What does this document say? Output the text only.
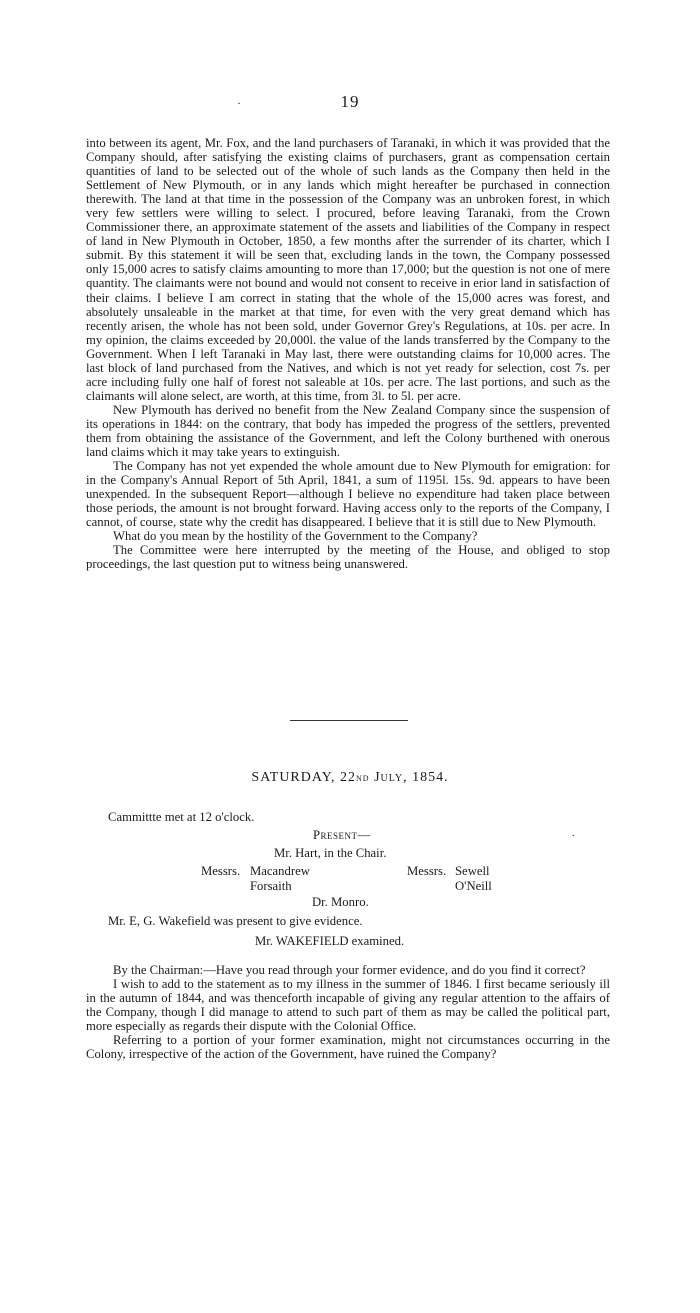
·	19

into between its agent, Mr. Fox, and the land purchasers of Taranaki, in which it was provided that the Company should, after satisfying the existing claims of purchasers, grant as compensation certain quantities of land to be selected out of the whole of such lands as the Company then held in the Settlement of New Plymouth, or in any lands which might hereafter be purchased in connection therewith. The land at that time in the possession of the Company was an unbroken forest, in which very few settlers were willing to select. I procured, before leaving Taranaki, from the Crown Commissioner there, an approximate statement of the assets and liabilities of the Company in respect of land in New Plymouth in October, 1850, a few months after the surrender of its charter, which I submit. By this statement it will be seen that, excluding lands in the town, the Company possessed only 15,000 acres to satisfy claims amounting to more than 17,000; but the question is not one of mere quantity. The claimants were not bound and would not consent to receive in erior land in satisfaction of their claims. I believe I am correct in stating that the whole of the 15,000 acres was forest, and absolutely unsaleable in the market at that time, for even with the very great demand which has recently arisen, the whole has not been sold, under Governor Grey's Regulations, at 10s. per acre. In my opinion, the claims exceeded by 20,000l. the value of the lands transferred by the Company to the Government. When I left Taranaki in May last, there were outstanding claims for 10,000 acres. The last block of land purchased from the Natives, and which is not yet ready for selection, cost 7s. per acre including fully one half of forest not saleable at 10s. per acre. The last portions, and such as the claimants will alone select, are worth, at this time, from 3l. to 5l. per acre.

New Plymouth has derived no benefit from the New Zealand Company since the suspension of its operations in 1844: on the contrary, that body has impeded the progress of the settlers, prevented them from obtaining the assistance of the Government, and left the Colony burthened with onerous land claims which it may take years to extinguish.

The Company has not yet expended the whole amount due to New Plymouth for emigration: for in the Company's Annual Report of 5th April, 1841, a sum of 1195l. 15s. 9d. appears to have been unexpended. In the subsequent Report—although I believe no expenditure had taken place between those periods, the amount is not brought forward. Having access only to the reports of the Company, I cannot, of course, state why the credit has disappeared. I believe that it is still due to New Plymouth.

What do you mean by the hostility of the Government to the Company?

The Committee were here interrupted by the meeting of the House, and obliged to stop proceedings, the last question put to witness being unanswered.

SATURDAY, 22nd July, 1854.
Cammittte met at 12 o'clock.
Present—	.
Mr. Hart, in the Chair.
Messrs. Macandrew
Forsaith
Messrs. Sewell
O'Neill
Dr. Monro.
Mr. E, G. Wakefield was present to give evidence.
Mr. WAKEFIELD examined.

By the Chairman:—Have you read through your former evidence, and do you find it correct?

I wish to add to the statement as to my illness in the summer of 1846. I first became seriously ill in the autumn of 1844, and was thenceforth incapable of giving any regular attention to the affairs of the Company, though I did manage to attend to such part of them as may be called the political part, more especially as regards their dispute with the Colonial Office.

Referring to a portion of your former examination, might not circumstances occurring in the Colony, irrespective of the action of the Government, have ruined the Company?
